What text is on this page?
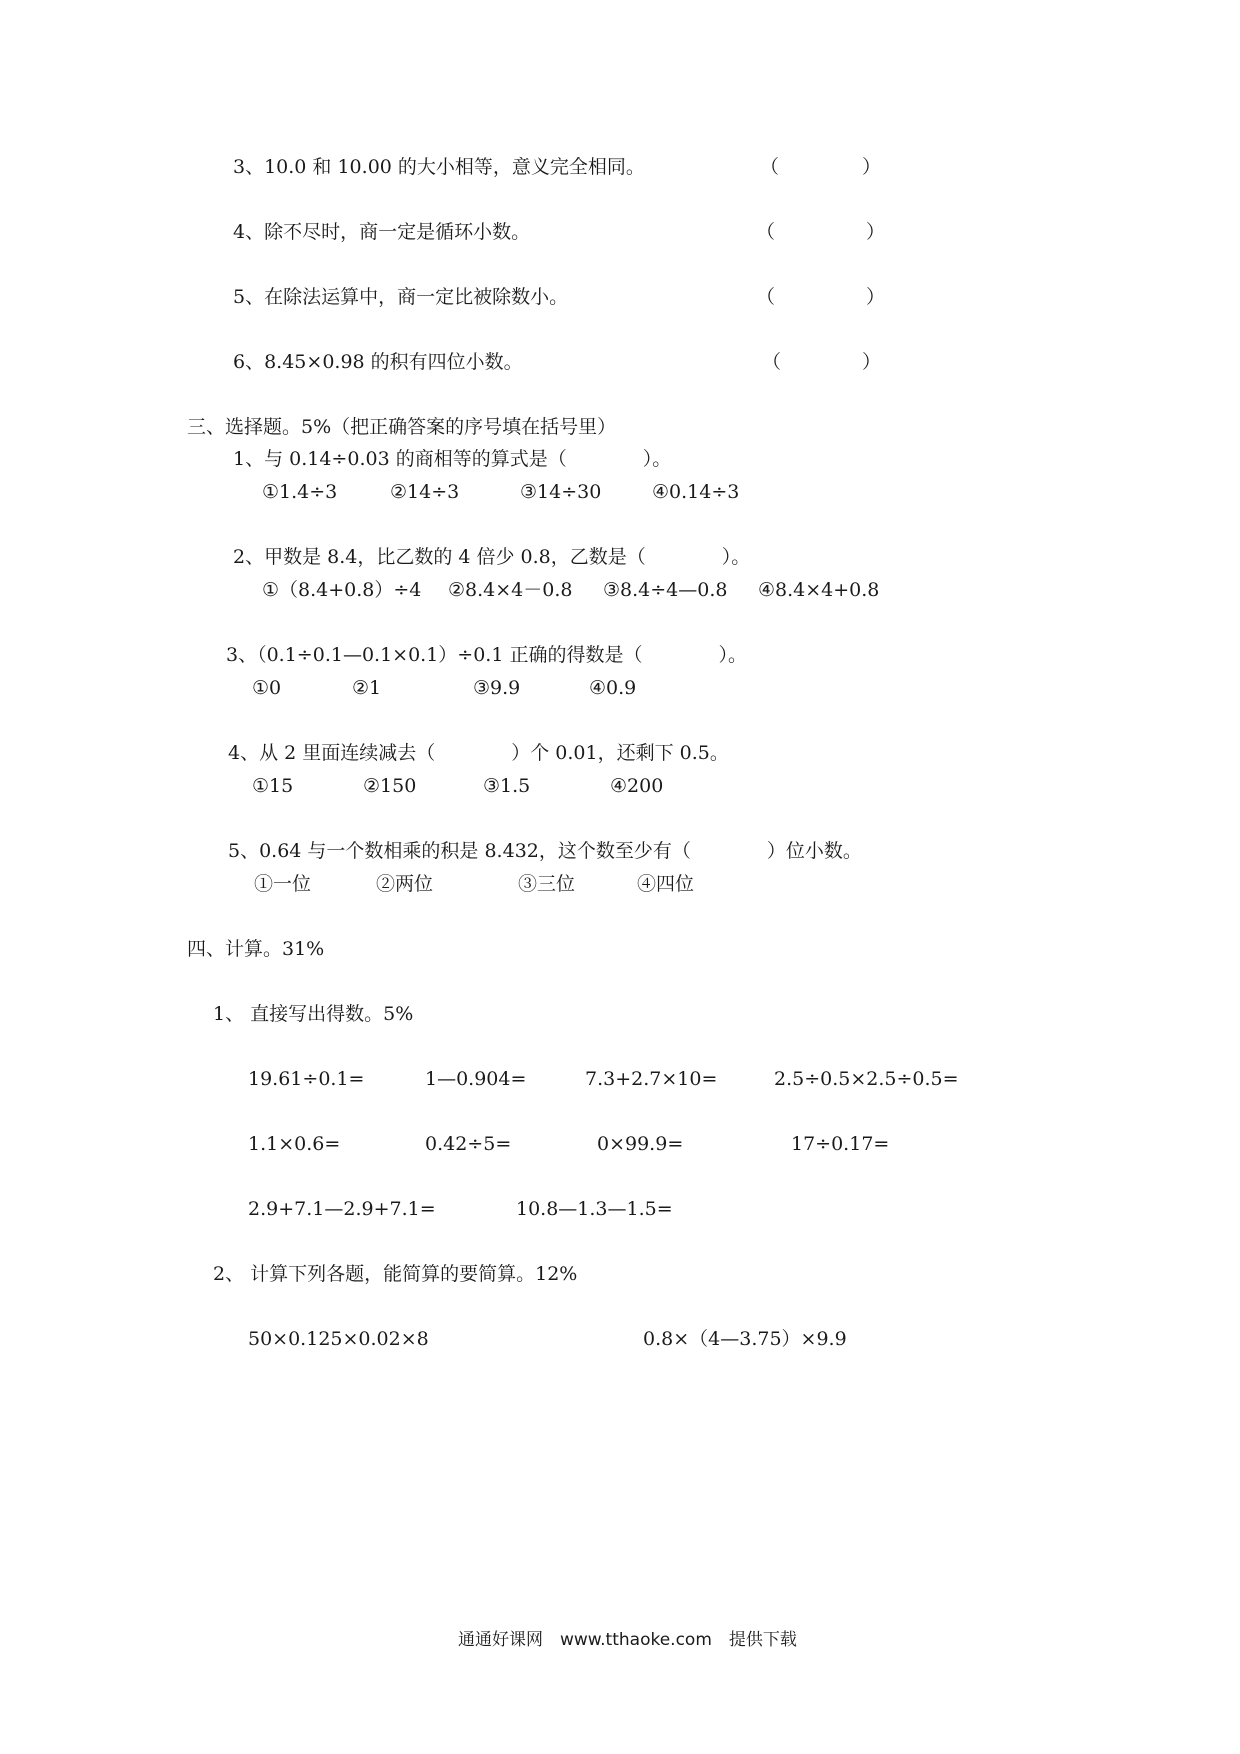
3、10.0 和 10.00 的大小相等，意义完全相同。	（	）
4、除不尽时，商一定是循环小数。	（	）
5、在除法运算中，商一定比被除数小。	（	）
6、8.45×0.98 的积有四位小数。	（	）
三、选择题。5%（把正确答案的序号填在括号里）
1、与 0.14÷0.03 的商相等的算式是（　　　　）。
①1.4÷3	②14÷3	③14÷30	④0.14÷3
2、甲数是 8.4，比乙数的 4 倍少 0.8，乙数是（　　　　）。
①（8.4+0.8）÷4 ②8.4×4－0.8 ③8.4÷4—0.8 ④8.4×4+0.8
3、（0.1÷0.1—0.1×0.1）÷0.1 正确的得数是（　　　　）。
①0	②1	③9.9	④0.9
4、从 2 里面连续减去（　　　　）个 0.01，还剩下 0.5。
①15	②150	③1.5	④200
5、0.64 与一个数相乘的积是 8.432，这个数至少有（　　　　）位小数。
①一位	②两位	③三位	④四位
四、计算。31%
1、 直接写出得数。5%
19.61÷0.1=	1—0.904=	7.3+2.7×10=	2.5÷0.5×2.5÷0.5=
1.1×0.6=	0.42÷5=	0×99.9=	17÷0.17=
2.9+7.1—2.9+7.1=	10.8—1.3—1.5=
2、 计算下列各题，能简算的要简算。12%
50×0.125×0.02×8	0.8×（4—3.75）×9.9
通通好课网　www.tthaoke.com　提供下载
